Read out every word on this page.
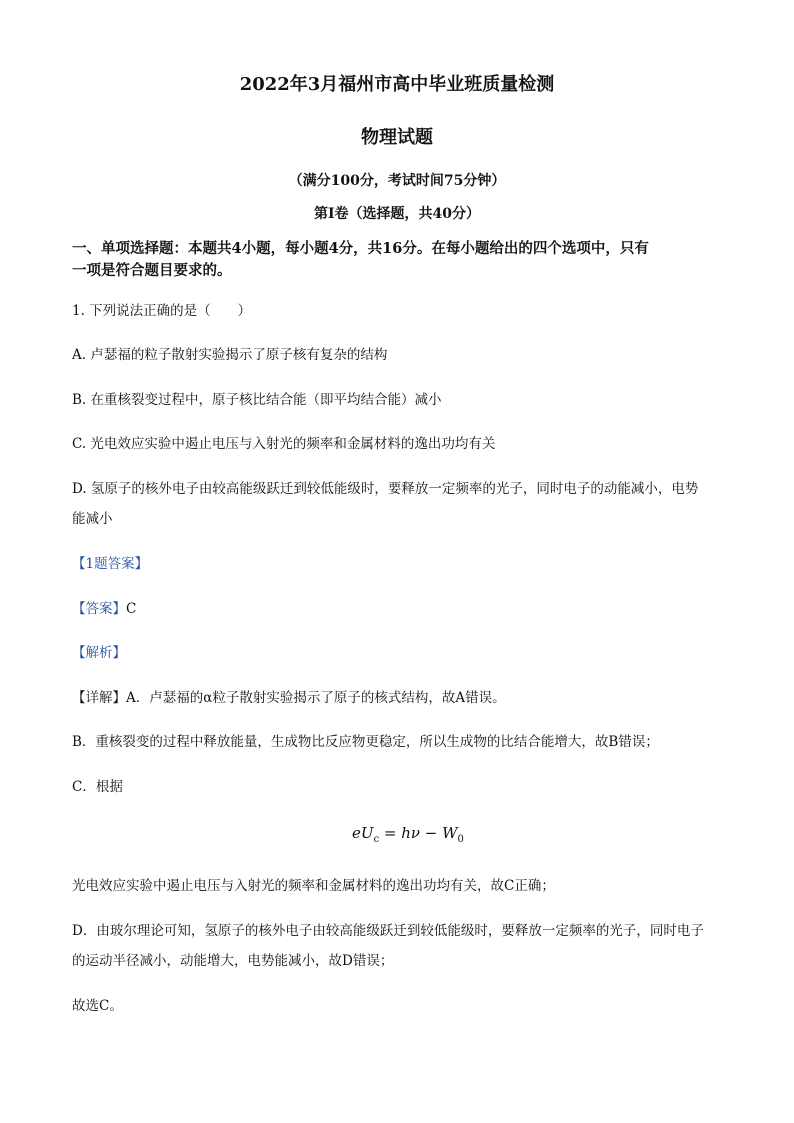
2022年3月福州市高中毕业班质量检测
物理试题
（满分100分，考试时间75分钟）
第Ⅰ卷（选择题，共40分）
一、单项选择题：本题共4小题，每小题4分，共16分。在每小题给出的四个选项中，只有
一项是符合题目要求的。
1. 下列说法正确的是（　　）
A. 卢瑟福的粒子散射实验揭示了原子核有复杂的结构
B. 在重核裂变过程中，原子核比结合能（即平均结合能）减小
C. 光电效应实验中遏止电压与入射光的频率和金属材料的逸出功均有关
D. 氢原子的核外电子由较高能级跃迁到较低能级时，要释放一定频率的光子，同时电子的动能减小，电势
能减小
【1题答案】
【答案】C
【解析】
【详解】A．卢瑟福的α粒子散射实验揭示了原子的核式结构，故A错误。
B．重核裂变的过程中释放能量，生成物比反应物更稳定，所以生成物的比结合能增大，故B错误；
C．根据
$eU_c = h\nu - W_0$
光电效应实验中遏止电压与入射光的频率和金属材料的逸出功均有关，故C正确；
D．由玻尔理论可知，氢原子的核外电子由较高能级跃迁到较低能级时，要释放一定频率的光子，同时电子
的运动半径减小，动能增大，电势能减小，故D错误；
故选C。
